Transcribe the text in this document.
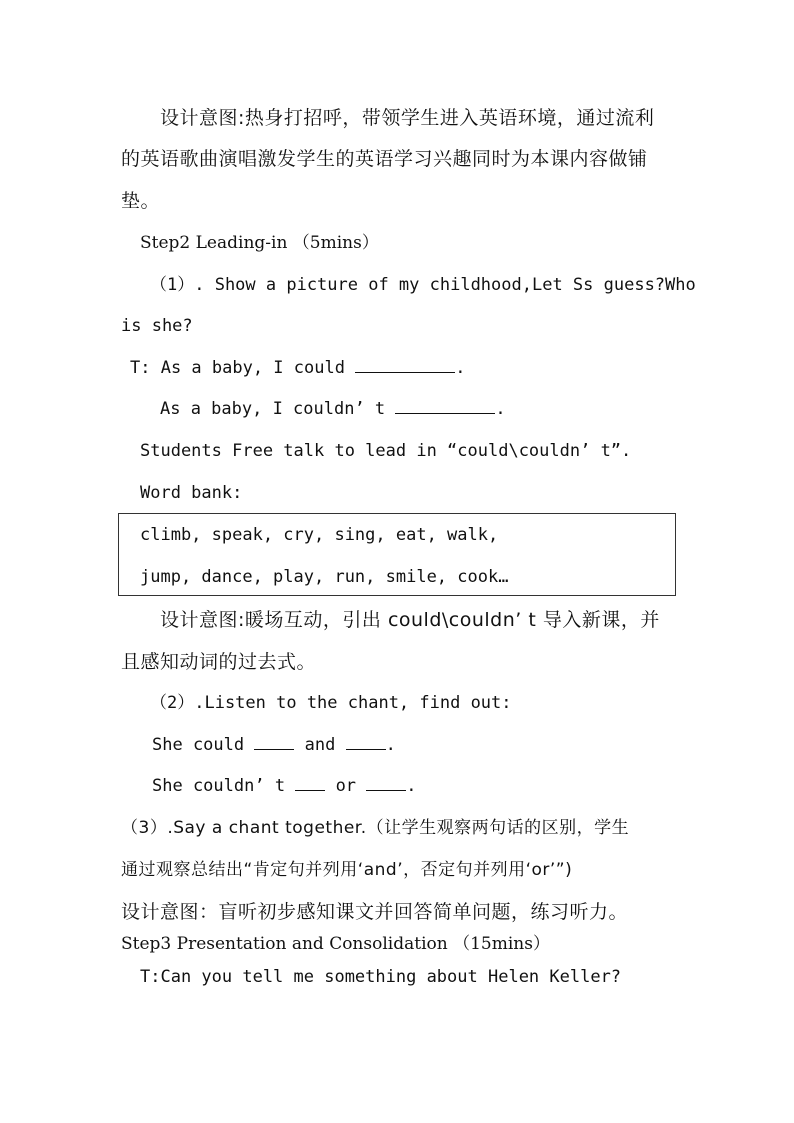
设计意图:热身打招呼，带领学生进入英语环境，通过流利
的英语歌曲演唱激发学生的英语学习兴趣同时为本课内容做铺
垫。
Step2 Leading-in （5mins）
（1）. Show a picture of my childhood,Let Ss guess?Who
is she?
T: As a baby, I could	.
As a baby, I couldn’ t	.
Students Free talk to lead in “could\couldn’ t”.
Word bank:
climb, speak, cry, sing, eat, walk,
jump, dance, play, run, smile, cook…
设计意图:暖场互动，引出 could\couldn’ t 导入新课，并
且感知动词的过去式。
（2）.Listen to the chant, find out:
She could	and	.
She couldn’ t	or	.
（3）.Say a chant together.（让学生观察两句话的区别，学生
通过观察总结出“肯定句并列用‘and’，否定句并列用‘or’”)
设计意图：盲听初步感知课文并回答简单问题，练习听力。
Step3 Presentation and Consolidation （15mins）
T:Can you tell me something about Helen Keller?
